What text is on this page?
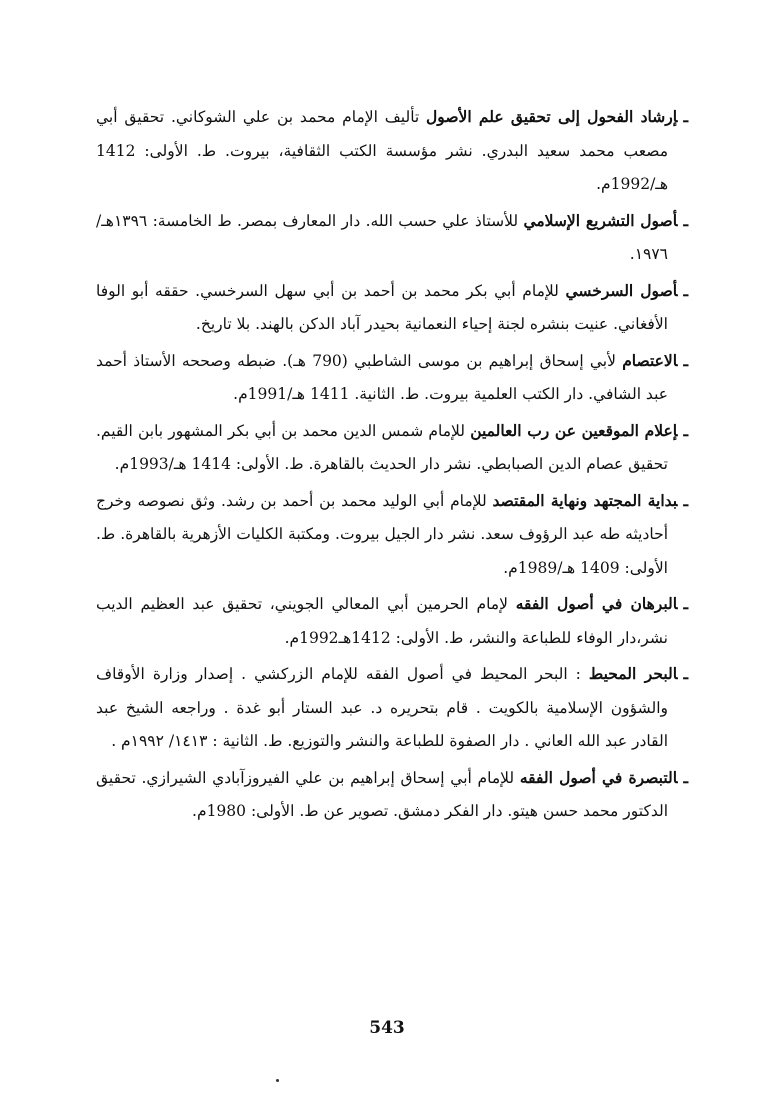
ـإرشاد الفحول إلى تحقيق علم الأصول تأليف الإمام محمد بن علي الشوكاني. تحقيق أبي مصعب محمد سعيد البدري. نشر مؤسسة الكتب الثقافية، بيروت. ط. الأولى: 1412 هـ/1992م.

ـأصول التشريع الإسلامي للأستاذ علي حسب الله. دار المعارف بمصر. ط الخامسة: ١٣٩٦هـ/ ١٩٧٦.

ـأصول السرخسي للإمام أبي بكر محمد بن أحمد بن أبي سهل السرخسي. حققه أبو الوفا الأفغاني. عنيت بنشره لجنة إحياء النعمانية بحيدر آباد الدكن بالهند. بلا تاريخ.

ـالاعتصام لأبي إسحاق إبراهيم بن موسى الشاطبي (790 هـ). ضبطه وصححه الأستاذ أحمد عبد الشافي. دار الكتب العلمية بيروت. ط. الثانية. 1411 هـ/1991م.

ـإعلام الموقعين عن رب العالمين للإمام شمس الدين محمد بن أبي بكر المشهور بابن القيم. تحقيق عصام الدين الصبابطي. نشر دار الحديث بالقاهرة. ط. الأولى: 1414 هـ/1993م.

ـبداية المجتهد ونهاية المقتصد للإمام أبي الوليد محمد بن أحمد بن رشد. وثق نصوصه وخرج أحاديثه طه عبد الرؤوف سعد. نشر دار الجيل بيروت. ومكتبة الكليات الأزهرية بالقاهرة. ط. الأولى: 1409 هـ/1989م.

ـالبرهان في أصول الفقه لإمام الحرمين أبي المعالي الجويني، تحقيق عبد العظيم الديب نشر،دار الوفاء للطباعة والنشر، ط. الأولى: 1412هـ1992م.

ـالبحر المحيط : البحر المحيط في أصول الفقه للإمام الزركشي . إصدار وزارة الأوقاف والشؤون الإسلامية بالكويت . قام بتحريره د. عبد الستار أبو غدة . وراجعه الشيخ عبد القادر عبد الله العاني . دار الصفوة للطباعة والنشر والتوزيع. ط. الثانية : ١٤١٣/ ١٩٩٢م .

ـالتبصرة في أصول الفقه للإمام أبي إسحاق إبراهيم بن علي الفيروزآبادي الشيرازي. تحقيق الدكتور محمد حسن هيتو. دار الفكر دمشق. تصوير عن ط. الأولى: 1980م.

543
